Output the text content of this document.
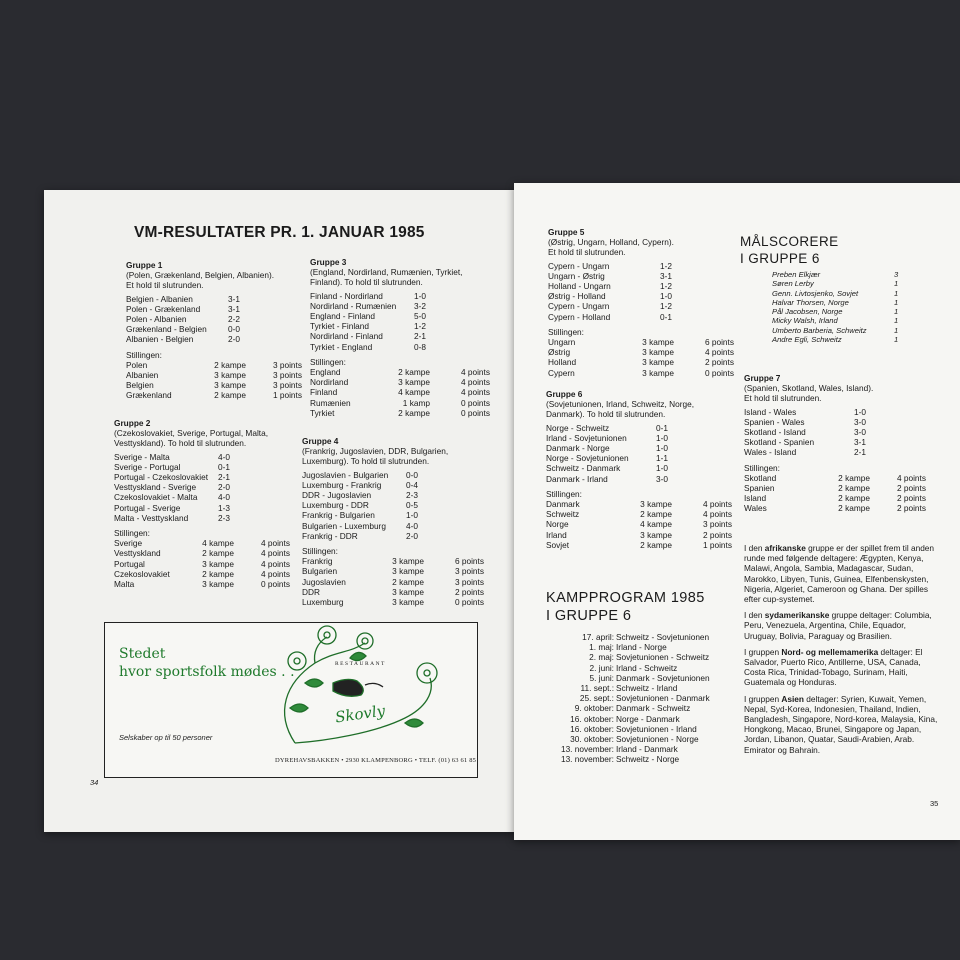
VM-RESULTATER PR. 1. JANUAR 1985
Gruppe 1
(Polen, Grækenland, Belgien, Albanien).
Et hold til slutrunden.
Belgien - Albanien	3-1
Polen - Grækenland	3-1
Polen - Albanien	2-2
Grækenland - Belgien	0-0
Albanien - Belgien	2-0
Stillingen:
Polen	2 kampe	3 points
Albanien	3 kampe	3 points
Belgien	3 kampe	3 points
Grækenland	2 kampe	1 points
Gruppe 3
(England, Nordirland, Rumænien, Tyrkiet,
Finland). To hold til slutrunden.
Finland - Nordirland	1-0
Nordirland - Rumænien	3-2
England - Finland	5-0
Tyrkiet - Finland	1-2
Nordirland - Finland	2-1
Tyrkiet - England	0-8
Stillingen:
England	2 kampe	4 points
Nordirland	3 kampe	4 points
Finland	4 kampe	4 points
Rumænien	1 kamp	0 points
Tyrkiet	2 kampe	0 points
Gruppe 2
(Czekoslovakiet, Sverige, Portugal, Malta,
Vesttyskland). To hold til slutrunden.
Sverige - Malta	4-0
Sverige - Portugal	0-1
Portugal - Czekoslovakiet	2-1
Vesttyskland - Sverige	2-0
Czekoslovakiet - Malta	4-0
Portugal - Sverige	1-3
Malta - Vesttyskland	2-3
Stillingen:
Sverige	4 kampe	4 points
Vesttyskland	2 kampe	4 points
Portugal	3 kampe	4 points
Czekoslovakiet	2 kampe	4 points
Malta	3 kampe	0 points
Gruppe 4
(Frankrig, Jugoslavien, DDR, Bulgarien,
Luxemburg). To hold til slutrunden.
Jugoslavien - Bulgarien	0-0
Luxemburg - Frankrig	0-4
DDR - Jugoslavien	2-3
Luxemburg - DDR	0-5
Frankrig - Bulgarien	1-0
Bulgarien - Luxemburg	4-0
Frankrig - DDR	2-0
Stillingen:
Frankrig	3 kampe	6 points
Bulgarien	3 kampe	3 points
Jugoslavien	2 kampe	3 points
DDR	3 kampe	2 points
Luxemburg	3 kampe	0 points
Stedet
hvor sportsfolk mødes . .	RESTAURANT
Skovly
Selskaber op til 50 personer
DYREHAVSBAKKEN • 2930 KLAMPENBORG • TELF. (01) 63 61 85
34
Gruppe 5
(Østrig, Ungarn, Holland, Cypern).
Et hold til slutrunden.
Cypern - Ungarn	1-2
Ungarn - Østrig	3-1
Holland - Ungarn	1-2
Østrig - Holland	1-0
Cypern - Ungarn	1-2
Cypern - Holland	0-1
Stillingen:
Ungarn	3 kampe	6 points
Østrig	3 kampe	4 points
Holland	3 kampe	2 points
Cypern	3 kampe	0 points
Gruppe 6
(Sovjetunionen, Irland, Schweitz, Norge,
Danmark). To hold til slutrunden.
Norge - Schweitz	0-1
Irland - Sovjetunionen	1-0
Danmark - Norge	1-0
Norge - Sovjetunionen	1-1
Schweitz - Danmark	1-0
Danmark - Irland	3-0
Stillingen:
Danmark	3 kampe	4 points
Schweitz	2 kampe	4 points
Norge	4 kampe	3 points
Irland	3 kampe	2 points
Sovjet	2 kampe	1 points
MÅLSCORERE
I GRUPPE 6
Preben Elkjær	3
Søren Lerby	1
Genn. Livtosjenko, Sovjet	1
Halvar Thorsen, Norge	1
Pål Jacobsen, Norge	1
Micky Walsh, Irland	1
Umberto Barberia, Schweitz	1
Andre Egli, Schweitz	1
Gruppe 7
(Spanien, Skotland, Wales, Island).
Et hold til slutrunden.
Island - Wales	1-0
Spanien - Wales	3-0
Skotland - Island	3-0
Skotland - Spanien	3-1
Wales - Island	2-1
Stillingen:
Skotland	2 kampe	4 points
Spanien	2 kampe	2 points
Island	2 kampe	2 points
Wales	2 kampe	2 points
KAMPPROGRAM 1985
I GRUPPE 6
17. april: Schweitz - Sovjetunionen
1. maj: Irland - Norge
2. maj: Sovjetunionen - Schweitz
2. juni: Irland - Schweitz
5. juni: Danmark - Sovjetunionen
11. sept.: Schweitz - Irland
25. sept.: Sovjetunionen - Danmark
9. oktober: Danmark - Schweitz
16. oktober: Norge - Danmark
16. oktober: Sovjetunionen - Irland
30. oktober: Sovjetunionen - Norge
13. november: Irland - Danmark
13. november: Schweitz - Norge
I den afrikanske gruppe er der spillet frem til anden runde med følgende deltagere: Ægypten, Kenya, Malawi, Angola, Sambia, Madagascar, Sudan, Marokko, Libyen, Tunis, Guinea, Elfenbenskysten, Nigeria, Algeriet, Cameroon og Ghana. Der spilles efter cup-systemet.
I den sydamerikanske gruppe deltager: Columbia, Peru, Venezuela, Argentina, Chile, Equador, Uruguay, Bolivia, Paraguay og Brasilien.
I gruppen Nord- og mellemamerika deltager: El Salvador, Puerto Rico, Antillerne, USA, Canada, Costa Rica, Trinidad-Tobago, Surinam, Haiti, Guatemala og Honduras.
I gruppen Asien deltager: Syrien, Kuwait, Yemen, Nepal, Syd-Korea, Indonesien, Thailand, Indien, Bangladesh, Singapore, Nord-korea, Malaysia, Kina, Hongkong, Macao, Brunei, Singapore og Japan, Jordan, Libanon, Quatar, Saudi-Arabien, Arab. Emirator og Bahrain.
35
